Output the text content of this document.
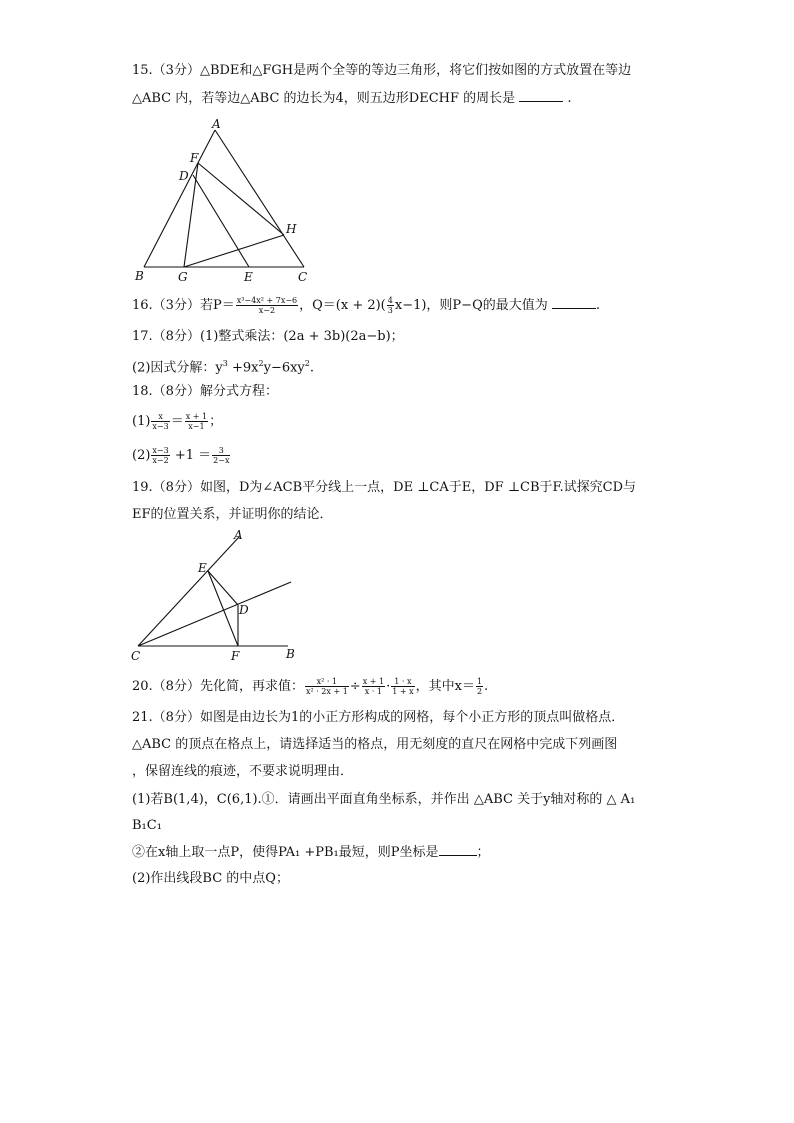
15.（3分）△BDE和△FGH是两个全等的等边三角形，将它们按如图的方式放置在等边
△ABC 内，若等边△ABC 的边长为4，则五边形DECHF 的周长是	.
A
F
D
H
B	G	E	C
16.（3分）若$P= \frac{\text{x³−4x² + 7x−6}}{x-2}$ ，$Q=(x + 2)( \frac{4}{3} x-1)$，则P−Q的最大值为	.
17.（8分）(1)整式乘法：(2a + 3b)(2a−b)；
(2)因式分解：$y^3 +9x^2y-6xy^2$.
18.（8分）解分式方程：
$(1) \frac{x}{x-3} = \frac{x + 1}{x-1}$ ；
$(2) \frac{x-3}{x-2} +1 = \frac{3}{2-x}$
19.（8分）如图，D为∠ACB平分线上一点，DE ⊥CA于E，DF ⊥CB于F.试探究CD与
EF的位置关系，并证明你的结论．
A
E
D
C	F	B
20.（8分）先化简，再求值： $\frac{\text{x² · 1}}{\text{x² · 2x + 1}} \div \frac{x + 1}{x \cdot 1} \cdot \frac{1 \cdot x}{1 + x}$ ，其中$x= \frac{1}{2}$ .
21.（8分）如图是由边长为1的小正方形构成的网格，每个小正方形的顶点叫做格点．
△ABC 的顶点在格点上，请选择适当的格点，用无刻度的直尺在网格中完成下列画图
，保留连线的痕迹，不要求说明理由．
(1)若B(1,4)，C(6,1).①．请画出平面直角坐标系，并作出 △ABC 关于y轴对称的 △ A₁
B₁C₁
②在x轴上取一点P，使得PA₁ +PB₁最短，则P坐标是	；
(2)作出线段BC 的中点Q；
